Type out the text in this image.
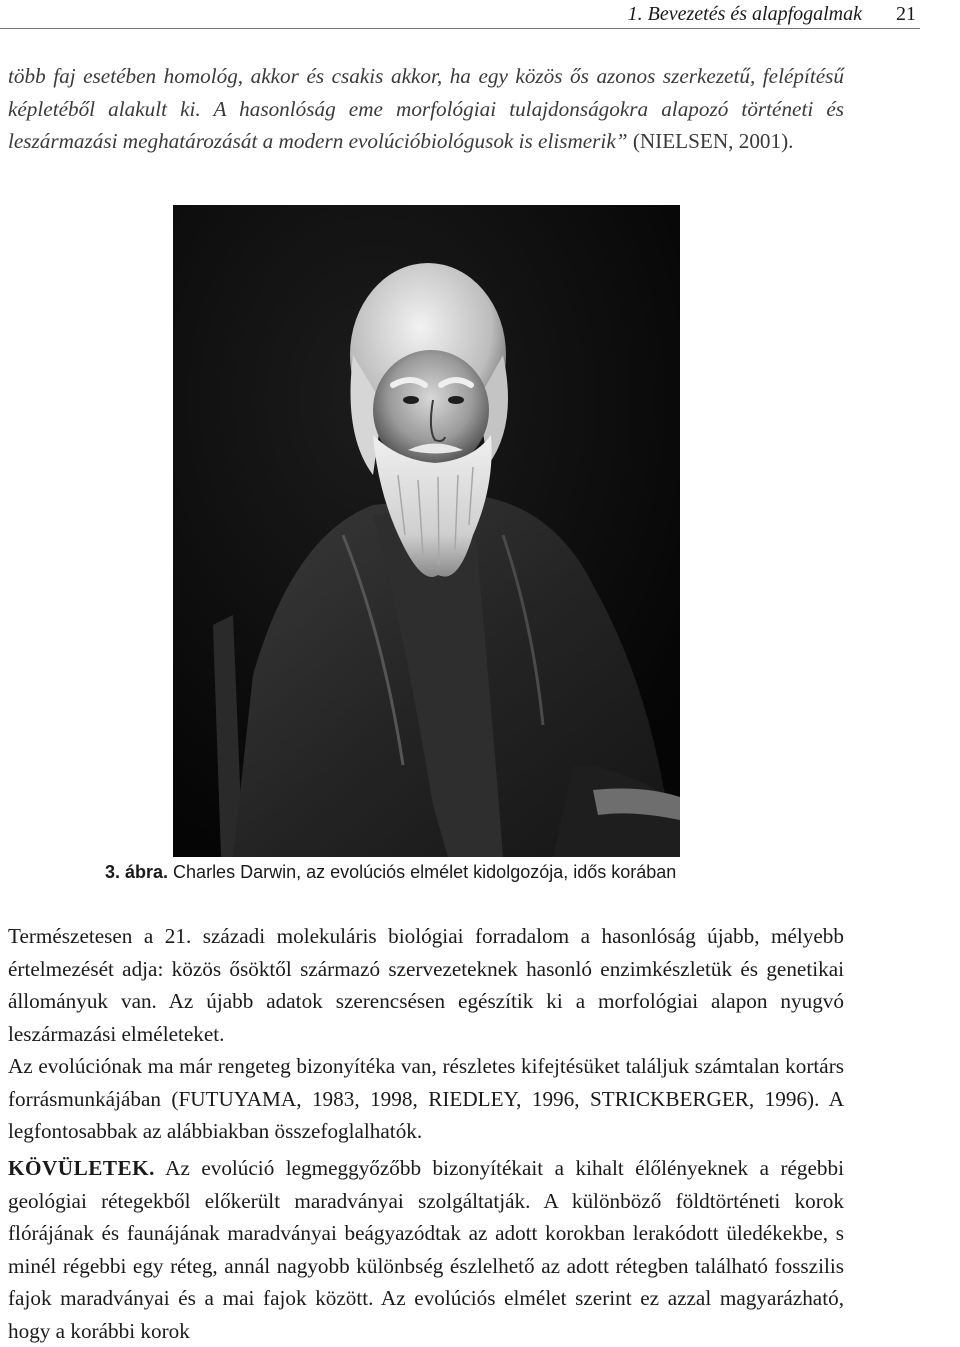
1. Bevezetés és alapfogalmak 21

több faj esetében homológ, akkor és csakis akkor, ha egy közös ős azonos szerkezetű, felépítésű képletéből alakult ki. A hasonlóság eme morfológiai tulajdonságokra alapozó történeti és leszármazási meghatározását a modern evolúcióbiológusok is elismerik” (NIELSEN, 2001).

3. ábra. Charles Darwin, az evolúciós elmélet kidolgozója, idős korában

Természetesen a 21. századi molekuláris biológiai forradalom a hasonlóság újabb, mélyebb értelmezését adja: közös ősöktől származó szervezeteknek hasonló enzimkészletük és genetikai állományuk van. Az újabb adatok szerencsésen egészítik ki a morfológiai alapon nyugvó leszármazási elméleteket.

Az evolúciónak ma már rengeteg bizonyítéka van, részletes kifejtésüket találjuk számtalan kortárs forrásmunkájában (FUTUYAMA, 1983, 1998, RIEDLEY, 1996, STRICKBERGER, 1996). A legfontosabbak az alábbiakban összefoglalhatók.

KÖVÜLETEK. Az evolúció legmeggyőzőbb bizonyítékait a kihalt élőlényeknek a régebbi geológiai rétegekből előkerült maradványai szolgáltatják. A különböző földtörténeti korok flórájának és faunájának maradványai beágyazódtak az adott korokban lerakódott üledékekbe, s minél régebbi egy réteg, annál nagyobb különbség észlelhető az adott rétegben található fosszilis fajok maradványai és a mai fajok között. Az evolúciós elmélet szerint ez azzal magyarázható, hogy a korábbi korok
